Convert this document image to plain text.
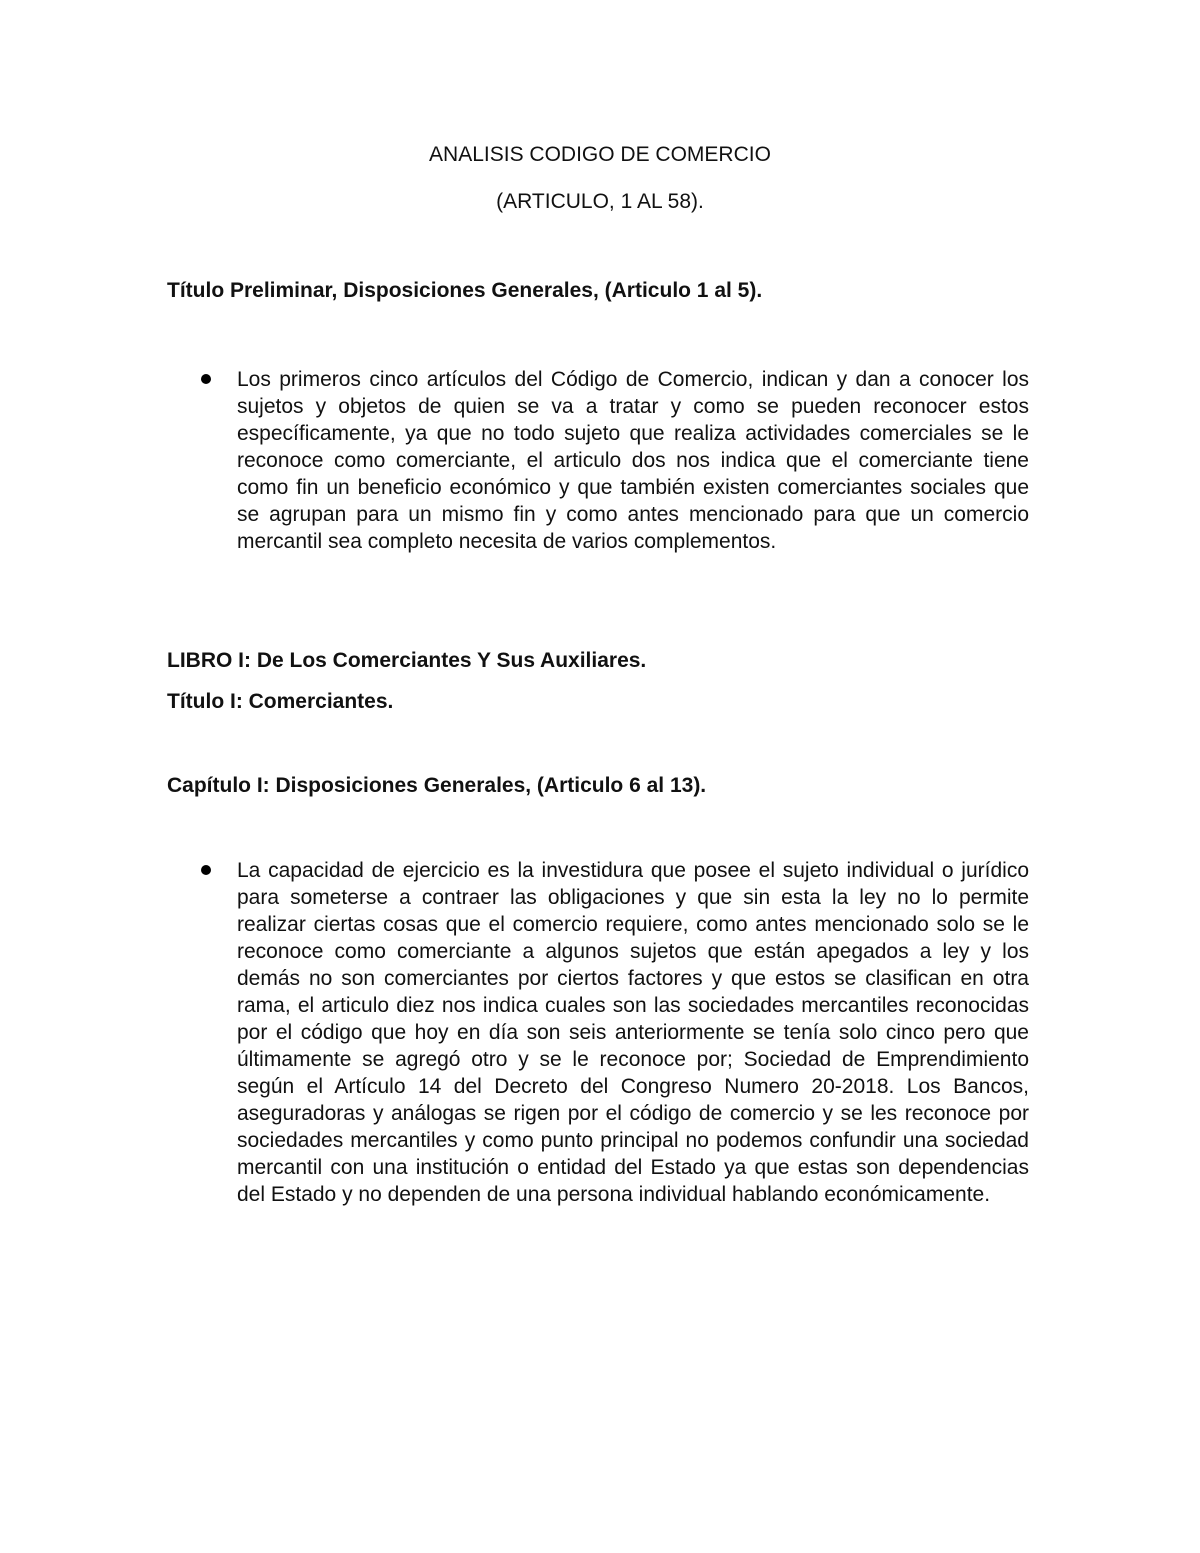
ANALISIS CODIGO DE COMERCIO
(ARTICULO, 1 AL 58).
Título Preliminar, Disposiciones Generales, (Articulo 1 al 5).
Los primeros cinco artículos del Código de Comercio, indican y dan a conocer los sujetos y objetos de quien se va a tratar y como se pueden reconocer estos específicamente, ya que no todo sujeto que realiza actividades comerciales se le reconoce como comerciante, el articulo dos nos indica que el comerciante tiene como fin un beneficio económico y que también existen comerciantes sociales que se agrupan para un mismo fin y como antes mencionado para que un comercio mercantil sea completo necesita de varios complementos.
LIBRO I: De Los Comerciantes Y Sus Auxiliares.
Título I: Comerciantes.
Capítulo I: Disposiciones Generales, (Articulo 6 al 13).
La capacidad de ejercicio es la investidura que posee el sujeto individual o jurídico para someterse a contraer las obligaciones y que sin esta la ley no lo permite realizar ciertas cosas que el comercio requiere, como antes mencionado solo se le reconoce como comerciante a algunos sujetos que están apegados a ley y los demás no son comerciantes por ciertos factores y que estos se clasifican en otra rama, el articulo diez nos indica cuales son las sociedades mercantiles reconocidas por el código que hoy en día son seis anteriormente se tenía solo cinco pero que últimamente se agregó otro y se le reconoce por; Sociedad de Emprendimiento según el Artículo 14 del Decreto del Congreso Numero 20-2018. Los Bancos, aseguradoras y análogas se rigen por el código de comercio y se les reconoce por sociedades mercantiles y como punto principal no podemos confundir una sociedad mercantil con una institución o entidad del Estado ya que estas son dependencias del Estado y no dependen de una persona individual hablando económicamente.
